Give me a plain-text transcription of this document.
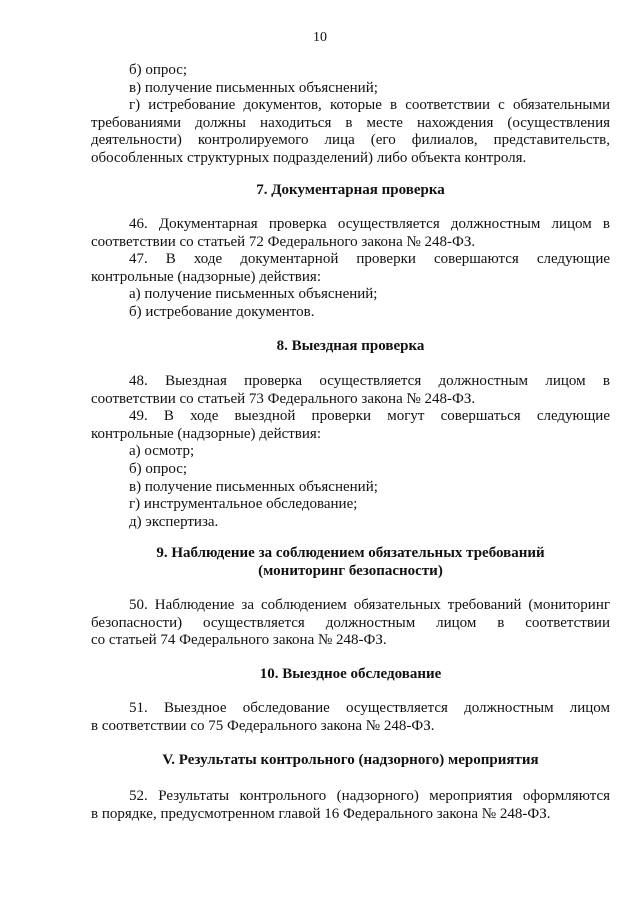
10
б) опрос;
в) получение письменных объяснений;
г) истребование документов, которые в соответствии с обязательными
требованиями должны находиться в месте нахождения (осуществления
деятельности) контролируемого лица (его филиалов, представительств,
обособленных структурных подразделений) либо объекта контроля.
7. Документарная проверка
46. Документарная проверка осуществляется должностным лицом в
соответствии со статьей 72 Федерального закона № 248-ФЗ.
47. В ходе документарной проверки совершаются следующие
контрольные (надзорные) действия:
а) получение письменных объяснений;
б) истребование документов.
8. Выездная проверка
48. Выездная проверка осуществляется должностным лицом в
соответствии со статьей 73 Федерального закона № 248-ФЗ.
49. В ходе выездной проверки могут совершаться следующие
контрольные (надзорные) действия:
а) осмотр;
б) опрос;
в) получение письменных объяснений;
г) инструментальное обследование;
д) экспертиза.
9. Наблюдение за соблюдением обязательных требований
(мониторинг безопасности)
50. Наблюдение за соблюдением обязательных требований (мониторинг
безопасности) осуществляется должностным лицом в соответствии
со статьей 74 Федерального закона № 248-ФЗ.
10. Выездное обследование
51. Выездное обследование осуществляется должностным лицом
в соответствии со 75 Федерального закона № 248-ФЗ.
V. Результаты контрольного (надзорного) мероприятия
52. Результаты контрольного (надзорного) мероприятия оформляются
в порядке, предусмотренном главой 16 Федерального закона № 248-ФЗ.
